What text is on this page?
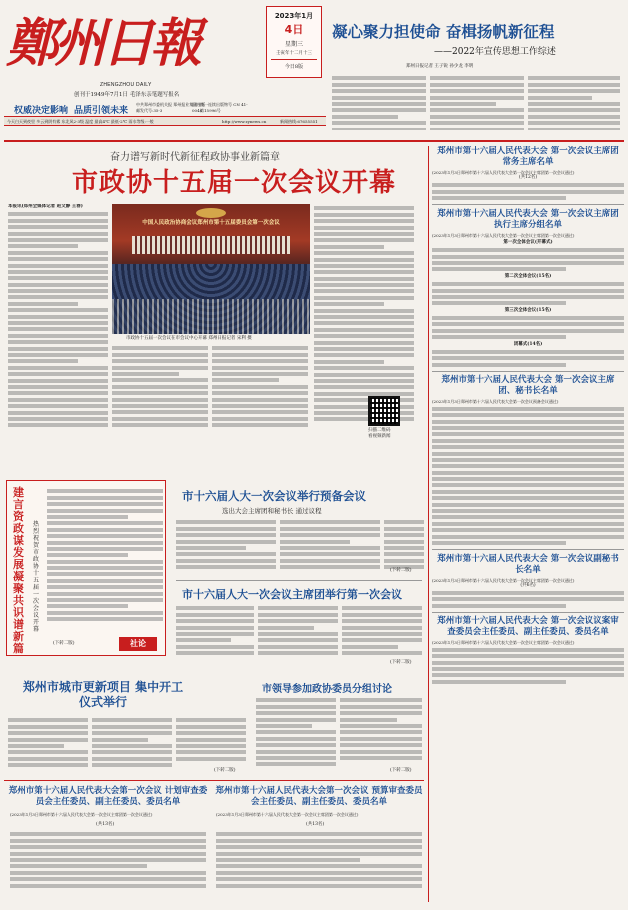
鄭州日報
ZHENGZHOU DAILY
创刊于1949年7月1日 毛泽东亲笔题写报名
权威决定影响 品质引领未来
中共郑州市委机关报 郑州报业集团出版
国内统一连续出版物号 CN 41-0046
邮发代号:35-3	第15996号
2023年1月
4日
星期三
壬寅年十二月十三
今日8版
今天白天到夜里 多云到阴有雾 东北风2-3级 温度 最高4℃ 最低-2℃ 雨水等级:一般	http://www.zynews.cn	新闻热线:67655551
凝心聚力担使命 奋楫扬帆新征程
——2022年宣传思想工作综述
郑州日报记者 王子锐 孙少龙 李明
奋力谱写新时代新征程政协事业新篇章
市政协十五届一次会议开幕
本报讯(郑州全媒体记者 赵文静 王春)
中国人民政治协商会议郑州市第十五届委员会第一次会议
市政协十五届一次会议在市会议中心开幕 郑州日报记者 宋利 摄
扫描二维码
看视频新闻
建言资政谋发展 凝聚共识谱新篇
热烈祝贺市政协十五届一次会议开幕
社论
(下转二版)
市十六届人大一次会议举行预备会议
选出大会主席团和秘书长 通过议程
(下转二版)
市十六届人大一次会议主席团举行第一次会议
(下转二版)
郑州市城市更新项目 集中开工仪式举行
(下转二版)
市领导参加政协委员分组讨论
(下转二版)
郑州市第十六届人民代表大会第一次会议 计划审查委员会主任委员、副主任委员、委员名单
(2023年1月3日郑州市第十六届人民代表大会第一次会议主席团第一次会议通过)
(共13名)
郑州市第十六届人民代表大会第一次会议 预算审查委员会主任委员、副主任委员、委员名单
(2023年1月3日郑州市第十六届人民代表大会第一次会议主席团第一次会议通过)
(共13名)
郑州市第十六届人民代表大会 第一次会议主席团常务主席名单
(2023年1月3日郑州市第十六届人民代表大会第一次会议主席团第一次会议通过)
(共12名)
郑州市第十六届人民代表大会 第一次会议主席团执行主席分组名单
(2023年1月3日郑州市第十六届人民代表大会第一次会议主席团第一次会议通过)
第一次全体会议(开幕式)
第二次全体会议(15名)
第三次全体会议(15名)
闭幕式(14名)
郑州市第十六届人民代表大会 第一次会议主席团、秘书长名单
(2023年1月3日郑州市第十六届人民代表大会第一次会议预备会议通过)
郑州市第十六届人民代表大会 第一次会议副秘书长名单
(2023年1月3日郑州市第十六届人民代表大会第一次会议主席团第一次会议通过)
(共6名)
郑州市第十六届人民代表大会 第一次会议议案审查委员会主任委员、副主任委员、委员名单
(2023年1月3日郑州市第十六届人民代表大会第一次会议主席团第一次会议通过)
